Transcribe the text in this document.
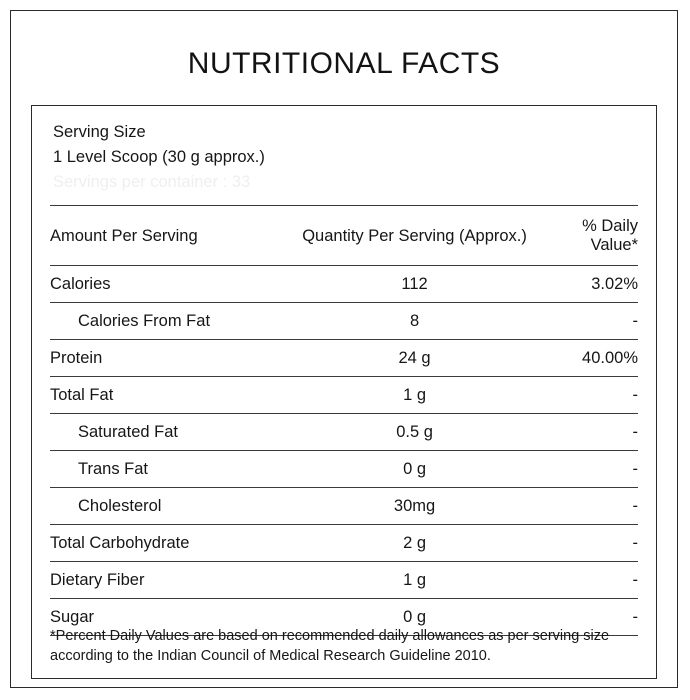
NUTRITIONAL FACTS
Serving Size
1 Level Scoop (30 g approx.)
Servings per container : 33
Amount Per Serving	Quantity Per Serving (Approx.)	% Daily Value*
Calories	112	3.02%
Calories From Fat	8	-
Protein	24 g	40.00%
Total Fat	1 g	-
Saturated Fat	0.5 g	-
Trans Fat	0 g	-
Cholesterol	30mg	-
Total Carbohydrate	2 g	-
Dietary Fiber	1 g	-
Sugar	0 g	-
*Percent Daily Values are based on recommended daily allowances as per serving size according to the Indian Council of Medical Research Guideline 2010.
